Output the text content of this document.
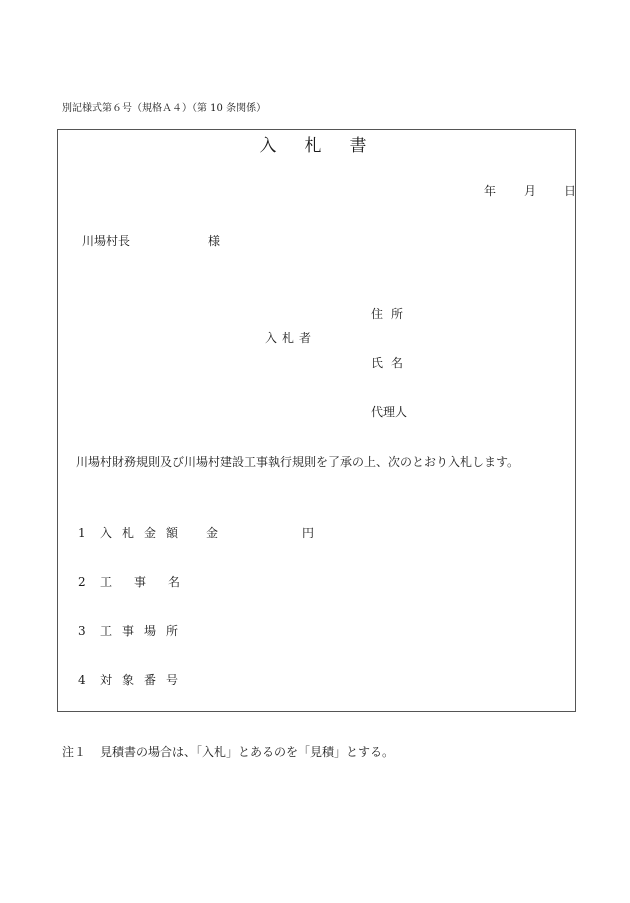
別記様式第６号（規格Ａ４）（第 10 条関係）
入札書
年 月 日
川場村長	様
入札者
住所
氏名
代理人
川場村財務規則及び川場村建設工事執行規則を了承の上、次のとおり入札します。
1 入札金額 金	円
2 工事名
3 工事場所
4 対象番号
注１ 見積書の場合は、「入札」とあるのを「見積」とする。
